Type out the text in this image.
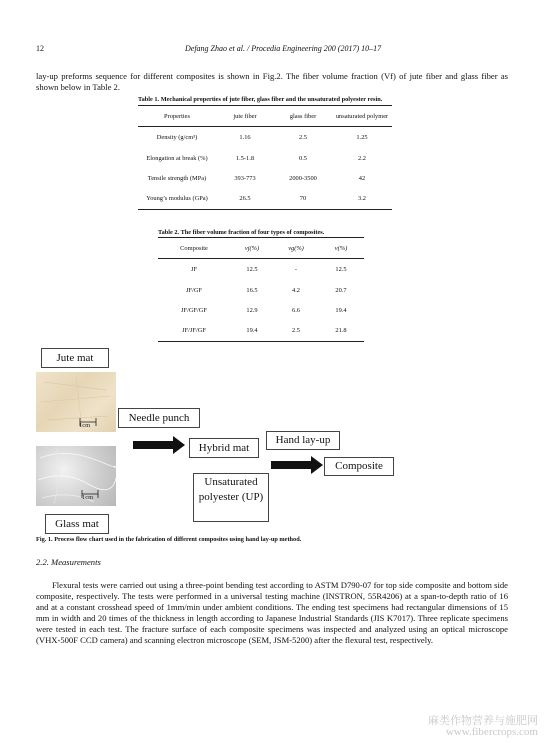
12	Defang Zhao et al. / Procedia Engineering 200 (2017) 10–17
lay-up preforms sequence for different composites is shown in Fig.2. The fiber volume fraction (Vf) of jute fiber and glass fiber as shown below in Table 2.
Table 1. Mechanical properties of jute fiber, glass fiber and the unsaturated polyester resin.
Properties	jute fiber	glass fiber	unsaturated polymer
Density (g/cm³)	1.16	2.5	1.25
Elongation at break (%)	1.5-1.8	0.5	2.2
Tensile strength (MPa)	393-773	2000-3500	42
Young’s modulus (GPa)	26.5	70	3.2
Table 2. The fiber volume fraction of four types of composites.
Composite	vj(%)	vg(%)	v(%)
JF	12.5	-	12.5
JF/GF	16.5	4.2	20.7
JF/GF/GF	12.9	6.6	19.4
JF/JF/GF	19.4	2.5	21.8
Jute mat
1cm
1cm
Glass mat
Needle punch
Hybrid mat
Hand lay-up
Composite
Unsaturated polyester (UP)
Fig. 1. Process flow chart used in the fabrication of different composites using hand lay-up method.
2.2. Measurements
Flexural tests were carried out using a three-point bending test according to ASTM D790-07 for top side composite and bottom side composite, respectively. The tests were performed in a universal testing machine (INSTRON, 55R4206) at a span-to-depth ratio of 16 and at a constant crosshead speed of 1mm/min under ambient conditions. The ending test specimens had rectangular dimensions of 15 mm in width and 20 times of the thickness in length according to Japanese Industrial Standards (JIS K7017). Three replicate specimens were tested in each test. The fracture surface of each composite specimens was inspected and analyzed using an optical microscope (VHX-500F CCD camera) and scanning electron microscope (SEM, JSM-5200) after the flexural test, respectively.
麻类作物营养与施肥网
www.fibercrops.com
